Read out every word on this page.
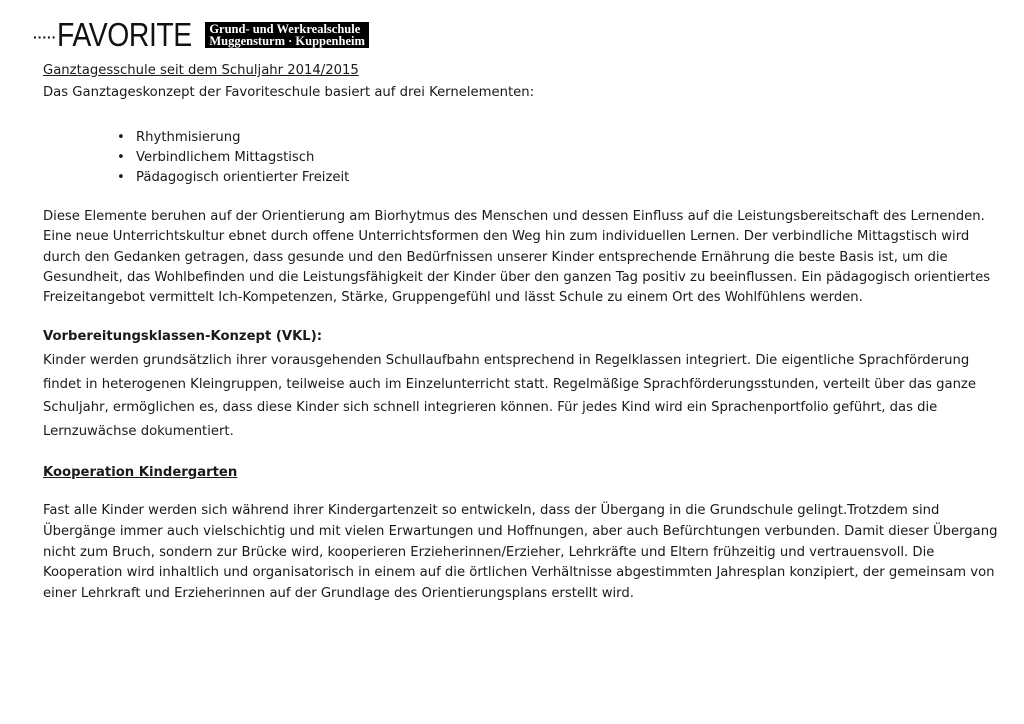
····· FAVORITE Grund- und Werkrealschule
Muggensturm · Kuppenheim
Ganztagesschule seit dem Schuljahr 2014/2015

Das Ganztageskonzept der Favoriteschule basiert auf drei Kernelementen:

• Rhythmisierung
• Verbindlichem Mittagstisch
• Pädagogisch orientierter Freizeit

Diese Elemente beruhen auf der Orientierung am Biorhytmus des Menschen und dessen Einfluss auf die Leistungsbereitschaft des Lernenden. Eine neue Unterrichtskultur ebnet durch offene Unterrichtsformen den Weg hin zum individuellen Lernen. Der verbindliche Mittagstisch wird durch den Gedanken getragen, dass gesunde und den Bedürfnissen unserer Kinder entsprechende Ernährung die beste Basis ist, um die Gesundheit, das Wohlbefinden und die Leistungsfähigkeit der Kinder über den ganzen Tag positiv zu beeinflussen. Ein pädagogisch orientiertes Freizeitangebot vermittelt Ich-Kompetenzen, Stärke, Gruppengefühl und lässt Schule zu einem Ort des Wohlfühlens werden.

Vorbereitungsklassen-Konzept (VKL):

Kinder werden grundsätzlich ihrer vorausgehenden Schullaufbahn entsprechend in Regelklassen integriert. Die eigentliche Sprachförderung findet in heterogenen Kleingruppen, teilweise auch im Einzelunterricht statt. Regelmäßige Sprachförderungsstunden, verteilt über das ganze Schuljahr, ermöglichen es, dass diese Kinder sich schnell integrieren können. Für jedes Kind wird ein Sprachenportfolio geführt, das die Lernzuwächse dokumentiert.

Kooperation Kindergarten

Fast alle Kinder werden sich während ihrer Kindergartenzeit so entwickeln, dass der Übergang in die Grundschule gelingt.Trotzdem sind Übergänge immer auch vielschichtig und mit vielen Erwartungen und Hoffnungen, aber auch Befürchtungen verbunden. Damit dieser Übergang nicht zum Bruch, sondern zur Brücke wird, kooperieren Erzieherinnen/Erzieher, Lehrkräfte und Eltern frühzeitig und vertrauensvoll. Die Kooperation wird inhaltlich und organisatorisch in einem auf die örtlichen Verhältnisse abgestimmten Jahresplan konzipiert, der gemeinsam von einer Lehrkraft und Erzieherinnen auf der Grundlage des Orientierungsplans erstellt wird.
